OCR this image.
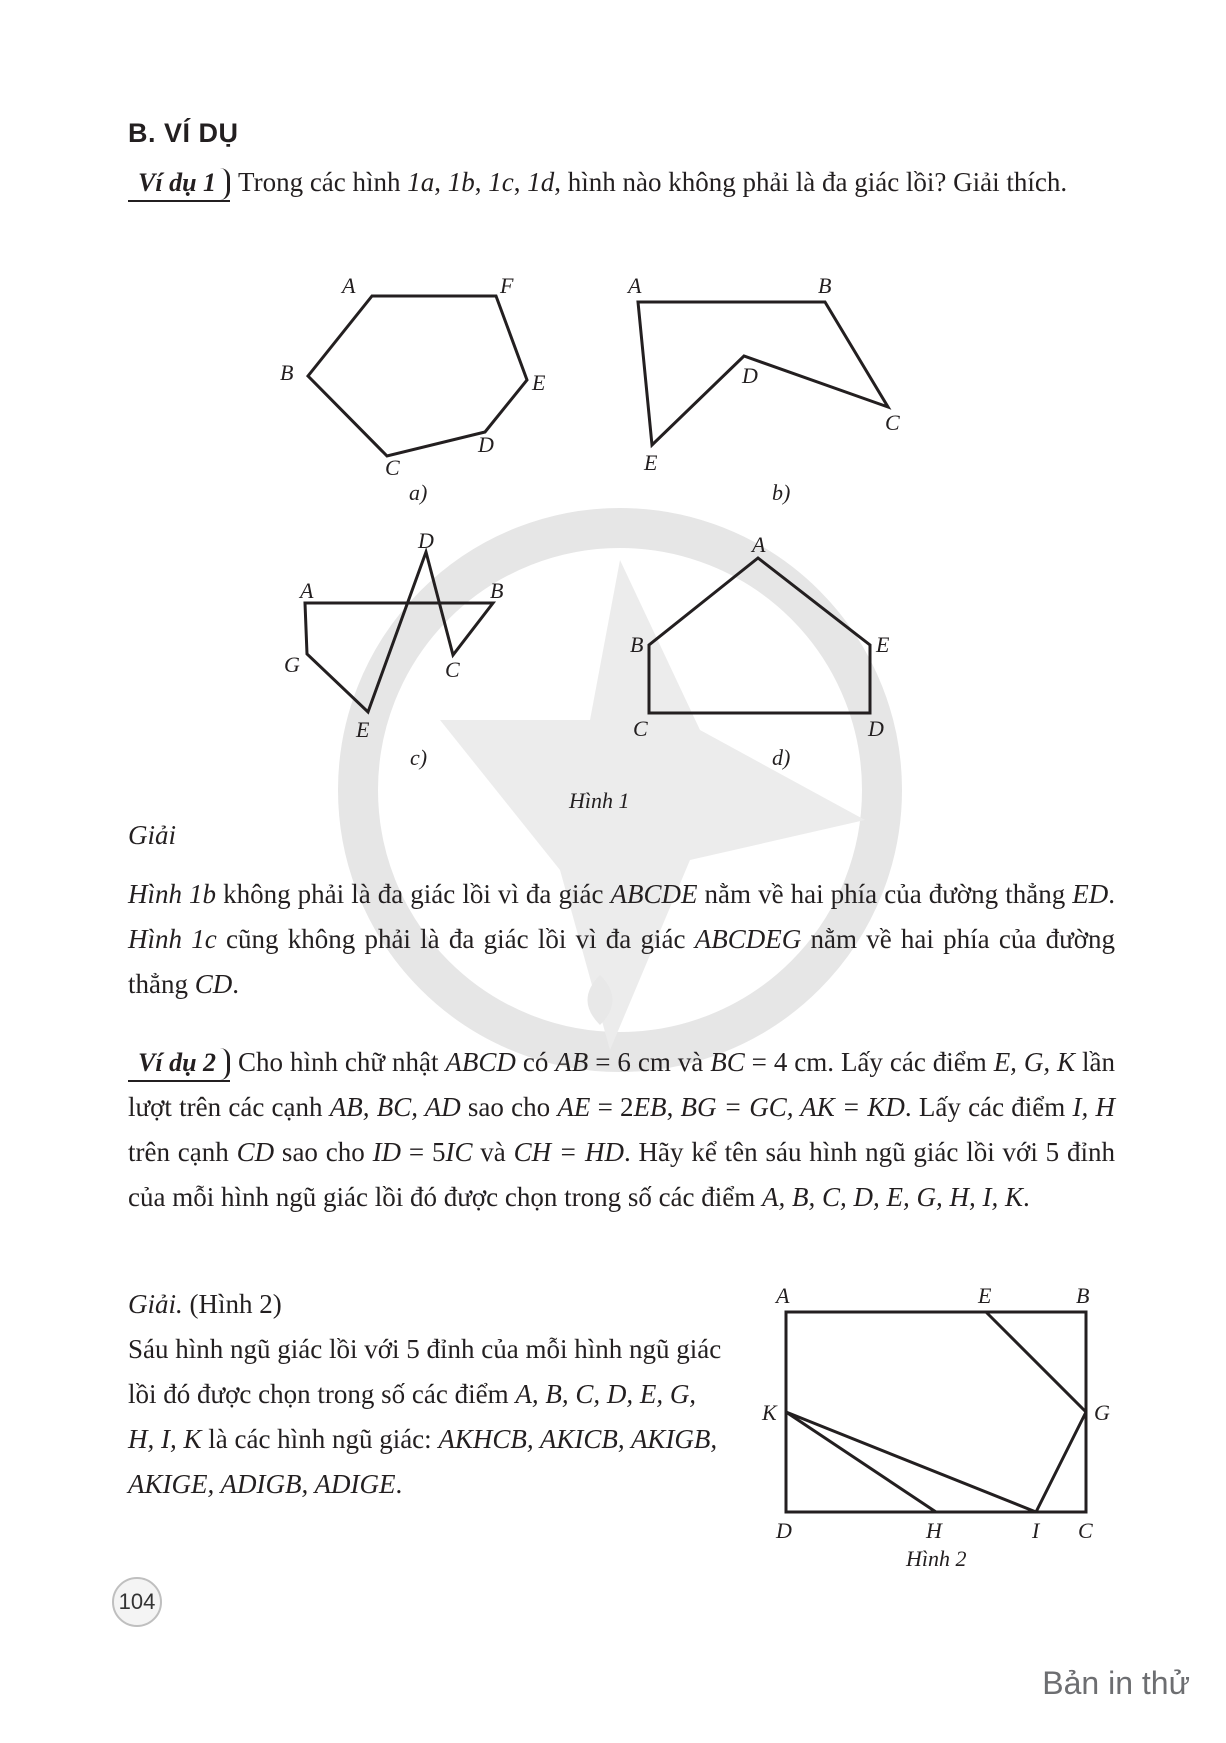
B. VÍ DỤ
Ví dụ 1 Trong các hình 1a, 1b, 1c, 1d, hình nào không phải là đa giác lồi? Giải thích.
A	F
B	E
C
D
a)
A	B
D
C
E
b)
D
A	B
G	C
E
c)
A
B	E
C	D
d)
Hình 1
Giải
Hình 1b không phải là đa giác lồi vì đa giác ABCDE nằm về hai phía của đường thẳng ED. Hình 1c cũng không phải là đa giác lồi vì đa giác ABCDEG nằm về hai phía của đường thẳng CD.
Ví dụ 2 Cho hình chữ nhật ABCD có AB = 6 cm và BC = 4 cm. Lấy các điểm E, G, K lần lượt trên các cạnh AB, BC, AD sao cho AE = 2EB, BG = GC, AK = KD. Lấy các điểm I, H trên cạnh CD sao cho ID = 5IC và CH = HD. Hãy kể tên sáu hình ngũ giác lồi với 5 đỉnh của mỗi hình ngũ giác lồi đó được chọn trong số các điểm A, B, C, D, E, G, H, I, K.
Giải. (Hình 2)
Sáu hình ngũ giác lồi với 5 đỉnh của mỗi hình ngũ giác lồi đó được chọn trong số các điểm A, B, C, D, E, G, H, I, K là các hình ngũ giác: AKHCB, AKICB, AKIGB, AKIGE, ADIGB, ADIGE.
A	E	B
K	G
D	H	I C
Hình 2
104
Bản in thử
